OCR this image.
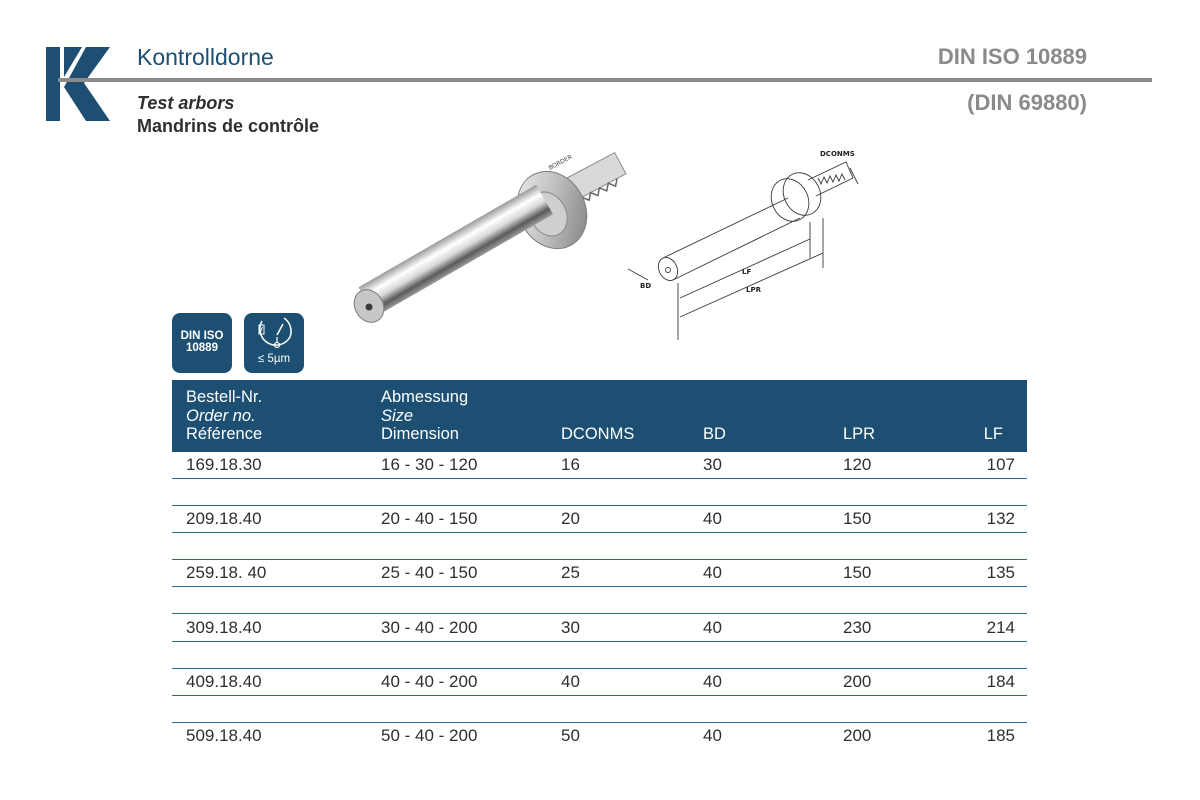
Kontrolldorne
Test arbors
Mandrins de contrôle
DIN ISO 10889
(DIN 69880)
BORDER	DCONMS
BD
LF
LPR
DIN ISO
10889
≤ 5µm
Bestell-Nr.
Order no.
Référence
Abmessung
Size
Dimension	DCONMS	BD	LPR	LF
169.18.30	16 - 30 - 120	16	30	120	107
209.18.40	20 - 40 - 150	20	40	150	132
259.18. 40	25 - 40 - 150	25	40	150	135
309.18.40	30 - 40 - 200	30	40	230	214
409.18.40	40 - 40 - 200	40	40	200	184
509.18.40	50 - 40 - 200	50	40	200	185
